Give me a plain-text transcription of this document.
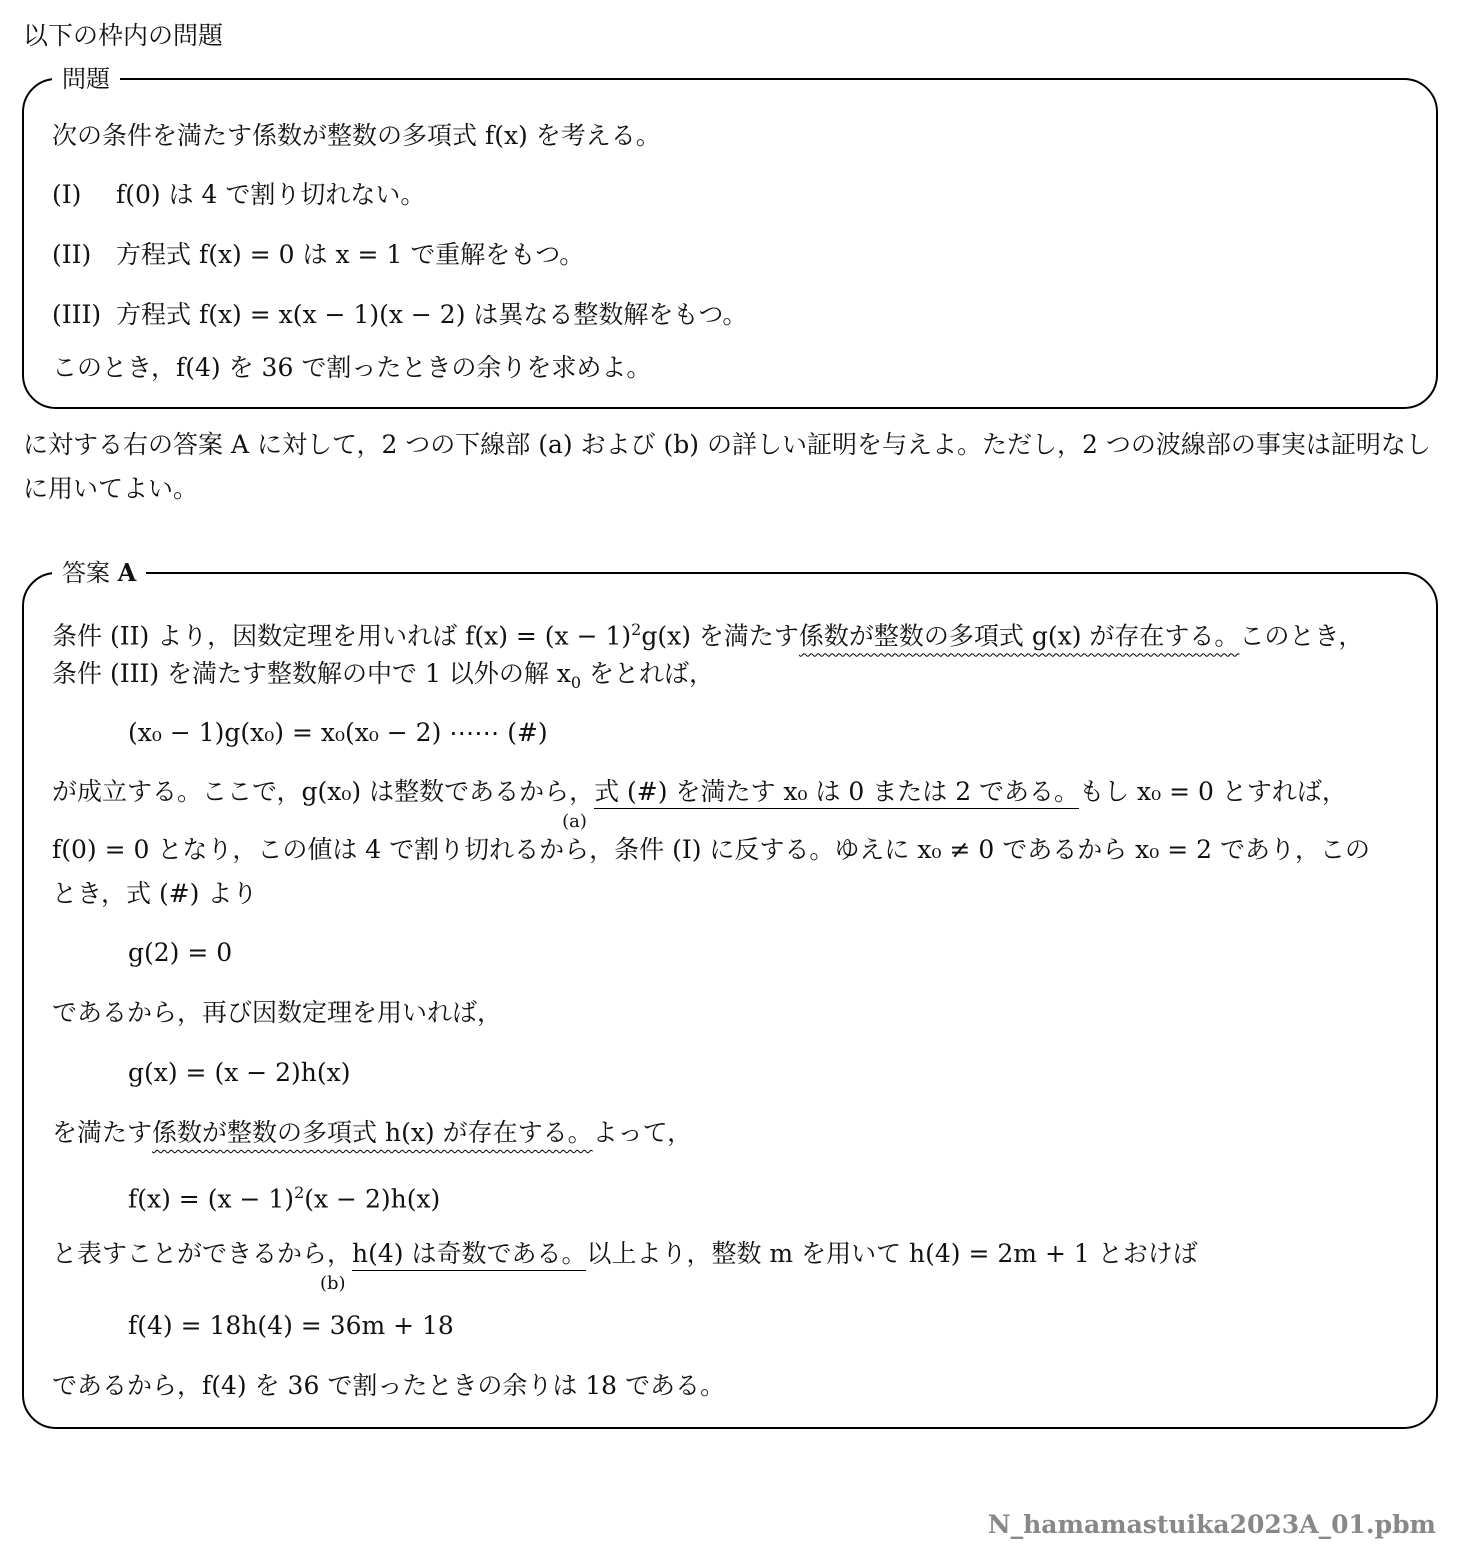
以下の枠内の問題
問題
次の条件を満たす係数が整数の多項式 f(x) を考える。
(I) f(0) は 4 で割り切れない。
(II) 方程式 f(x) = 0 は x = 1 で重解をもつ。
(III) 方程式 f(x) = x(x − 1)(x − 2) は異なる整数解をもつ。
このとき，f(4) を 36 で割ったときの余りを求めよ。
に対する右の答案 A に対して，2 つの下線部 (a) および (b) の詳しい証明を与えよ。ただし，2 つの波線部の事実は証明なしに用いてよい。
答案 A
条件 (II) より，因数定理を用いれば $f(x) = (x - 1)^2g(x)$ を満たす係数が整数の多項式 g(x) が存在する。このとき，
条件 (III) を満たす整数解の中で 1 以外の解 $x_0$ をとれば，
(x₀ − 1)g(x₀) = x₀(x₀ − 2) ⋯⋯ (#)
が成立する。ここで，g(x₀) は整数であるから，式 (#) を満たす x₀ は 0 または 2 である。
(a)
もし x₀ = 0 とすれば，
f(0) = 0 となり，この値は 4 で割り切れるから，条件 (I) に反する。ゆえに x₀ ≠ 0 であるから x₀ = 2 であり，この
とき，式 (#) より
g(2) = 0
であるから，再び因数定理を用いれば，
g(x) = (x − 2)h(x)
を満たす係数が整数の多項式 h(x) が存在する。よって，
$f(x) = (x - 1)^2(x - 2)h(x)$
と表すことができるから，h(4) は奇数である。
(b)
以上より，整数 m を用いて h(4) = 2m + 1 とおけば
f(4) = 18h(4) = 36m + 18
であるから，f(4) を 36 で割ったときの余りは 18 である。
N_hamamastuika2023A_01.pbm
